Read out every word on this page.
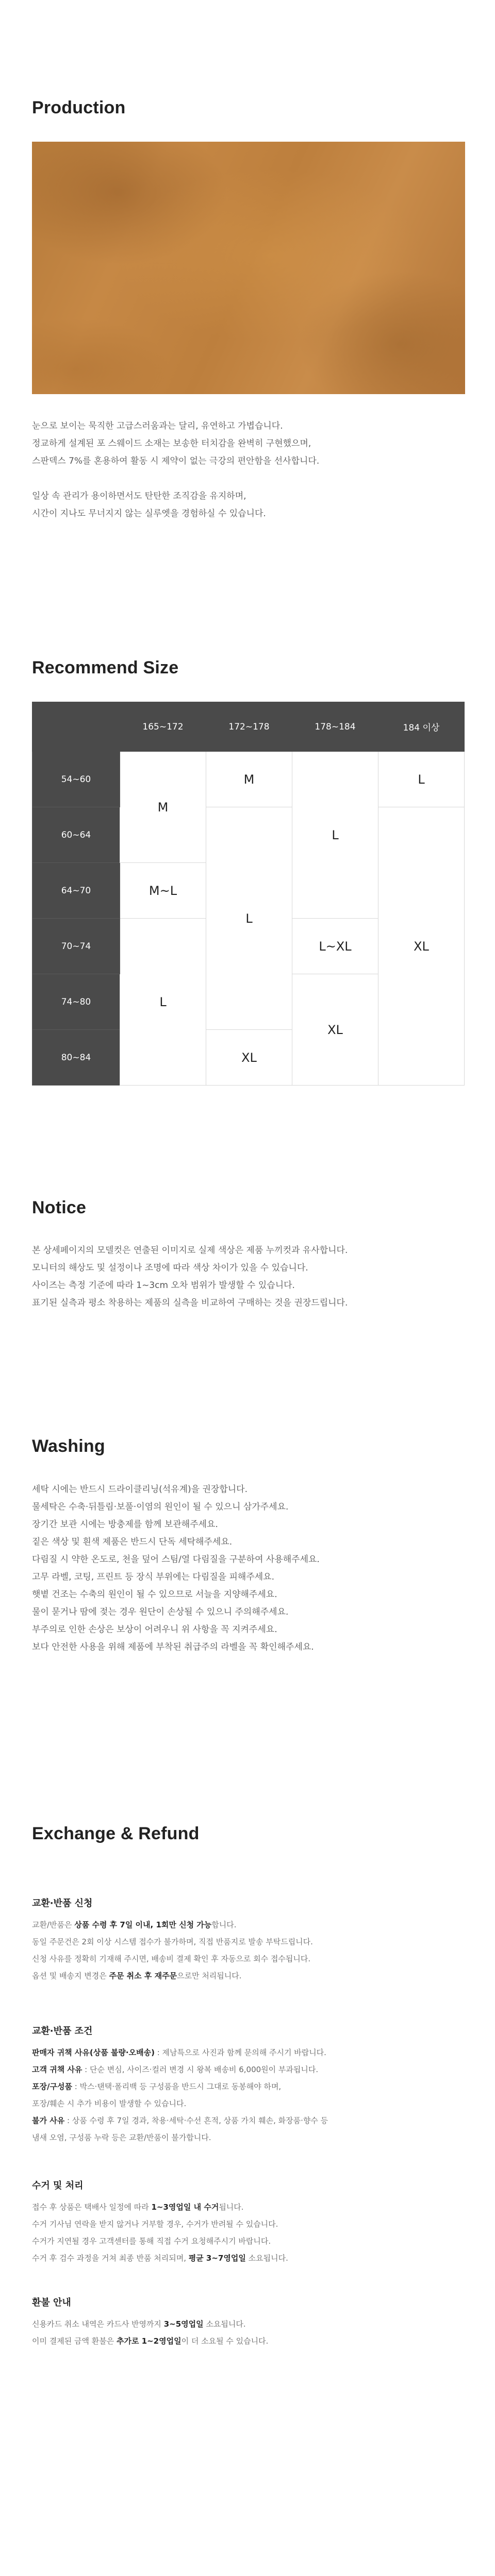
Production

눈으로 보이는 묵직한 고급스러움과는 달리, 유연하고 가볍습니다.

정교하게 설계된 포 스웨이드 소재는 보송한 터치감을 완벽히 구현했으며,

스판덱스 7%를 혼용하여 활동 시 제약이 없는 극강의 편안함을 선사합니다.

일상 속 관리가 용이하면서도 탄탄한 조직감을 유지하며,

시간이 지나도 무너지지 않는 실루엣을 경험하실 수 있습니다.

Recommend Size
	165~172	172~178	178~184	184 이상
54~60	M	M	L	L
60~64		L		XL
64~70	M~L			
70~74	L		L~XL	
74~80			XL	
80~84		XL		
Notice

본 상세페이지의 모델컷은 연출된 이미지로 실제 색상은 제품 누끼컷과 유사합니다.

모니터의 해상도 및 설정이나 조명에 따라 색상 차이가 있을 수 있습니다.

사이즈는 측정 기준에 따라 1~3cm 오차 범위가 발생할 수 있습니다.

표기된 실측과 평소 착용하는 제품의 실측을 비교하여 구매하는 것을 권장드립니다.

Washing

세탁 시에는 반드시 드라이클리닝(석유계)을 권장합니다.

물세탁은 수축·뒤틀림·보풀·이염의 원인이 될 수 있으니 삼가주세요.

장기간 보관 시에는 방충제를 함께 보관해주세요.

짙은 색상 및 흰색 제품은 반드시 단독 세탁해주세요.

다림질 시 약한 온도로, 천을 덮어 스팀/열 다림질을 구분하여 사용해주세요.

고무 라벨, 코팅, 프린트 등 장식 부위에는 다림질을 피해주세요.

햇볕 건조는 수축의 원인이 될 수 있으므로 서늘을 지양해주세요.

물이 묻거나 땀에 젖는 경우 원단이 손상될 수 있으니 주의해주세요.

부주의로 인한 손상은 보상이 어려우니 위 사항을 꼭 지켜주세요.

보다 안전한 사용을 위해 제품에 부착된 취급주의 라벨을 꼭 확인해주세요.

Exchange & Refund
교환·반품 신청

교환/반품은 상품 수령 후 7일 이내, 1회만 신청 가능합니다.

동일 주문건은 2회 이상 시스템 접수가 불가하며, 직접 반품지로 발송 부탁드립니다.

신청 사유를 정확히 기재해 주시면, 배송비 결제 확인 후 자동으로 회수 접수됩니다.

옵션 및 배송지 변경은 주문 취소 후 재주문으로만 처리됩니다.

교환·반품 조건

판매자 귀책 사유(상품 불량·오배송) : 제남특으로 사진과 함께 문의해 주시기 바랍니다.

고객 귀책 사유 : 단순 변심, 사이즈·컬러 변경 시 왕복 배송비 6,000원이 부과됩니다.

포장/구성품 : 박스·탠택·폴리백 등 구성품을 반드시 그대로 동봉해야 하며,

포장/훼손 시 추가 비용이 발생할 수 있습니다.

불가 사유 : 상품 수령 후 7일 경과, 착용·세탁·수선 흔적, 상품 가치 훼손, 화장품·향수 등

냄새 오염, 구성품 누락 등은 교환/반품이 불가합니다.

수거 및 처리

접수 후 상품은 택배사 일정에 따라 1~3영업일 내 수거됩니다.

수거 기사님 연락을 받지 않거나 거부할 경우, 수거가 반려될 수 있습니다.

수거가 지연될 경우 고객센터를 통해 직접 수거 요청해주시기 바랍니다.

수거 후 검수 과정을 거쳐 최종 반품 처리되며, 평균 3~7영업일 소요됩니다.

환불 안내

신용카드 취소 내역은 카드사 반영까지 3~5영업일 소요됩니다.

이미 결제된 금액 환불은 추가로 1~2영업일이 더 소요될 수 있습니다.
